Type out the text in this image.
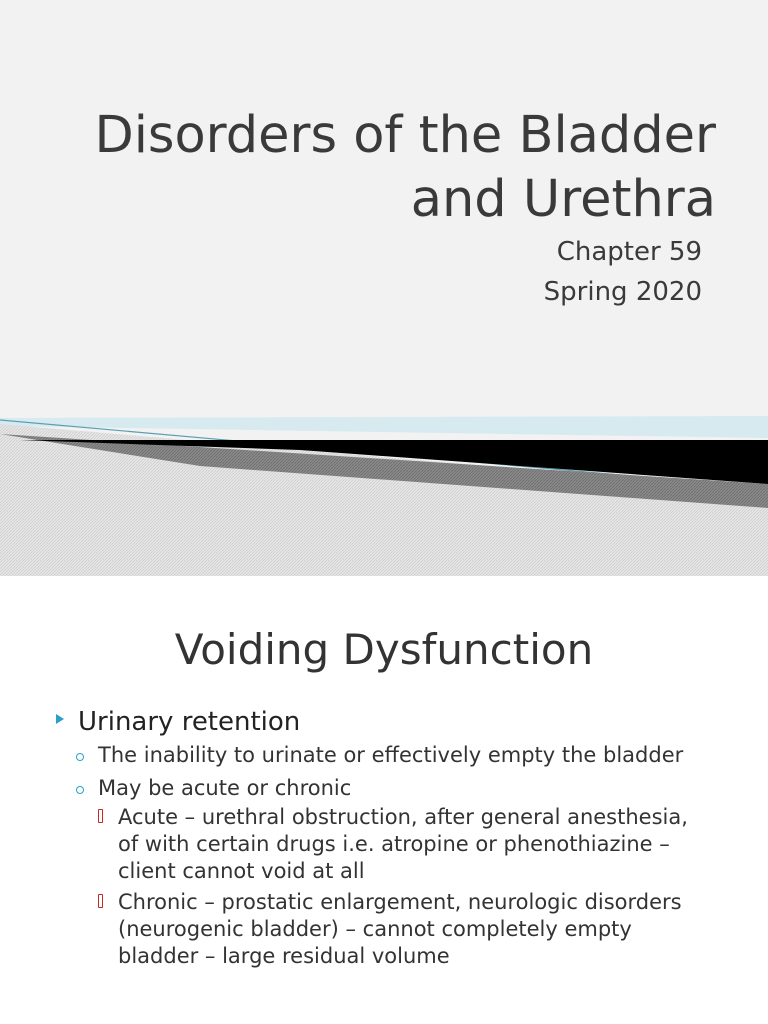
Disorders of the Bladder
and Urethra
Chapter 59
Spring 2020
Voiding Dysfunction
Urinary retention
The inability to urinate or effectively empty the bladder
May be acute or chronic
Acute – urethral obstruction, after general anesthesia, of with certain drugs i.e. atropine or phenothiazine – client cannot void at all
Chronic – prostatic enlargement, neurologic disorders (neurogenic bladder) – cannot completely empty bladder – large residual volume
